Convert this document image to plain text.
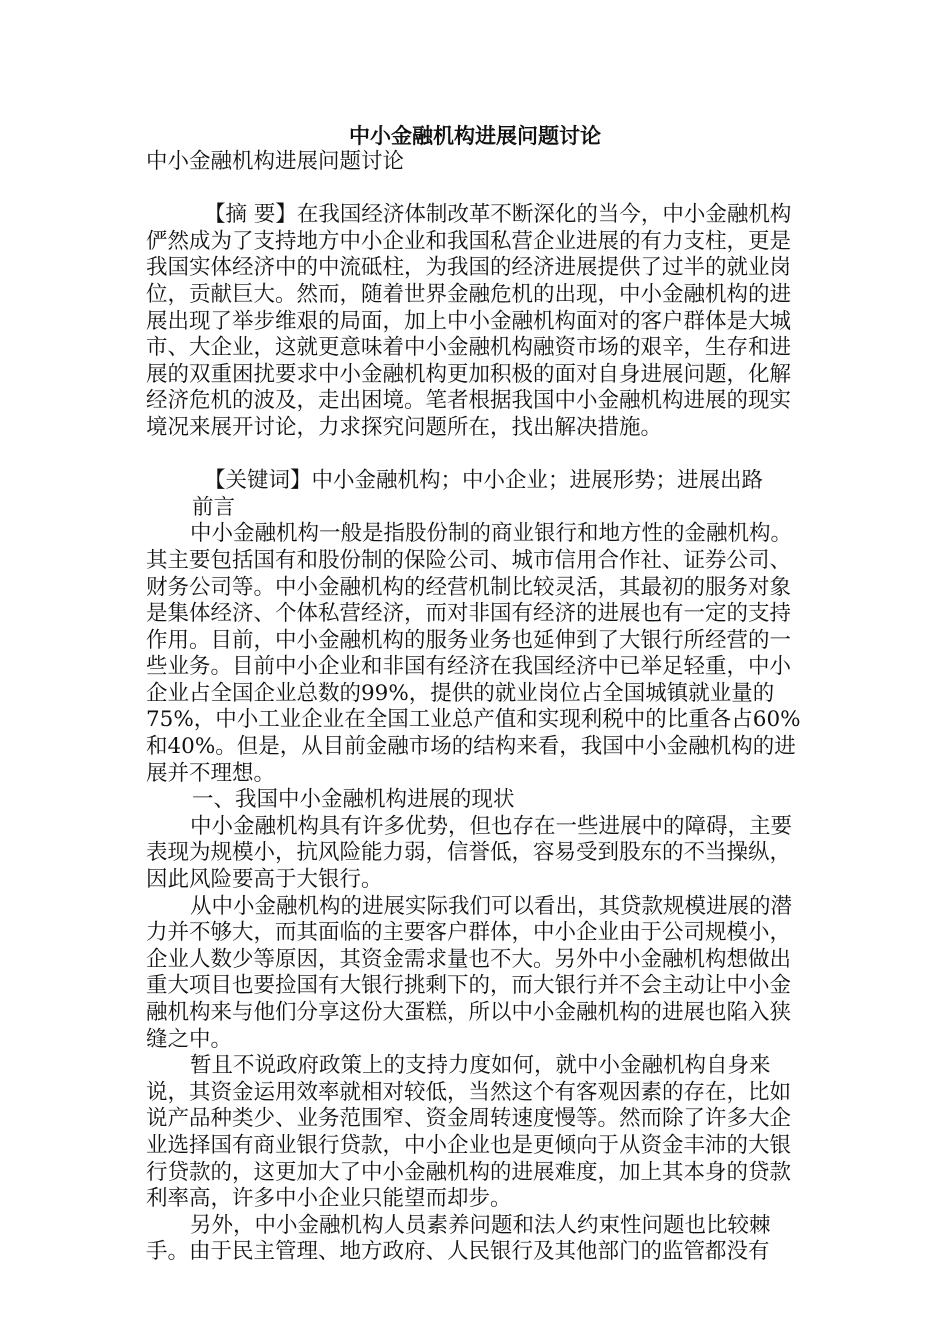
中小金融机构进展问题讨论

中小金融机构进展问题讨论

【摘 要】在我国经济体制改革不断深化的当今，中小金融机构俨然成为了支持地方中小企业和我国私营企业进展的有力支柱，更是我国实体经济中的中流砥柱，为我国的经济进展提供了过半的就业岗位，贡献巨大。然而，随着世界金融危机的出现，中小金融机构的进展出现了举步维艰的局面，加上中小金融机构面对的客户群体是大城市、大企业，这就更意味着中小金融机构融资市场的艰辛，生存和进展的双重困扰要求中小金融机构更加积极的面对自身进展问题，化解经济危机的波及，走出困境。笔者根据我国中小金融机构进展的现实境况来展开讨论，力求探究问题所在，找出解决措施。

【关键词】中小金融机构；中小企业；进展形势；进展出路

前言

中小金融机构一般是指股份制的商业银行和地方性的金融机构。其主要包括国有和股份制的保险公司、城市信用合作社、证券公司、财务公司等。中小金融机构的经营机制比较灵活，其最初的服务对象是集体经济、个体私营经济，而对非国有经济的进展也有一定的支持作用。目前，中小金融机构的服务业务也延伸到了大银行所经营的一些业务。目前中小企业和非国有经济在我国经济中已举足轻重，中小企业占全国企业总数的99%，提供的就业岗位占全国城镇就业量的75%，中小工业企业在全国工业总产值和实现利税中的比重各占60%和40%。但是，从目前金融市场的结构来看，我国中小金融机构的进展并不理想。

一、我国中小金融机构进展的现状

中小金融机构具有许多优势，但也存在一些进展中的障碍，主要表现为规模小，抗风险能力弱，信誉低，容易受到股东的不当操纵，因此风险要高于大银行。

从中小金融机构的进展实际我们可以看出，其贷款规模进展的潜力并不够大，而其面临的主要客户群体，中小企业由于公司规模小，企业人数少等原因，其资金需求量也不大。另外中小金融机构想做出重大项目也要捡国有大银行挑剩下的，而大银行并不会主动让中小金融机构来与他们分享这份大蛋糕，所以中小金融机构的进展也陷入狭缝之中。

暂且不说政府政策上的支持力度如何，就中小金融机构自身来说，其资金运用效率就相对较低，当然这个有客观因素的存在，比如说产品种类少、业务范围窄、资金周转速度慢等。然而除了许多大企业选择国有商业银行贷款，中小企业也是更倾向于从资金丰沛的大银行贷款的，这更加大了中小金融机构的进展难度，加上其本身的贷款利率高，许多中小企业只能望而却步。

另外，中小金融机构人员素养问题和法人约束性问题也比较棘手。由于民主管理、地方政府、人民银行及其他部门的监管都没有
